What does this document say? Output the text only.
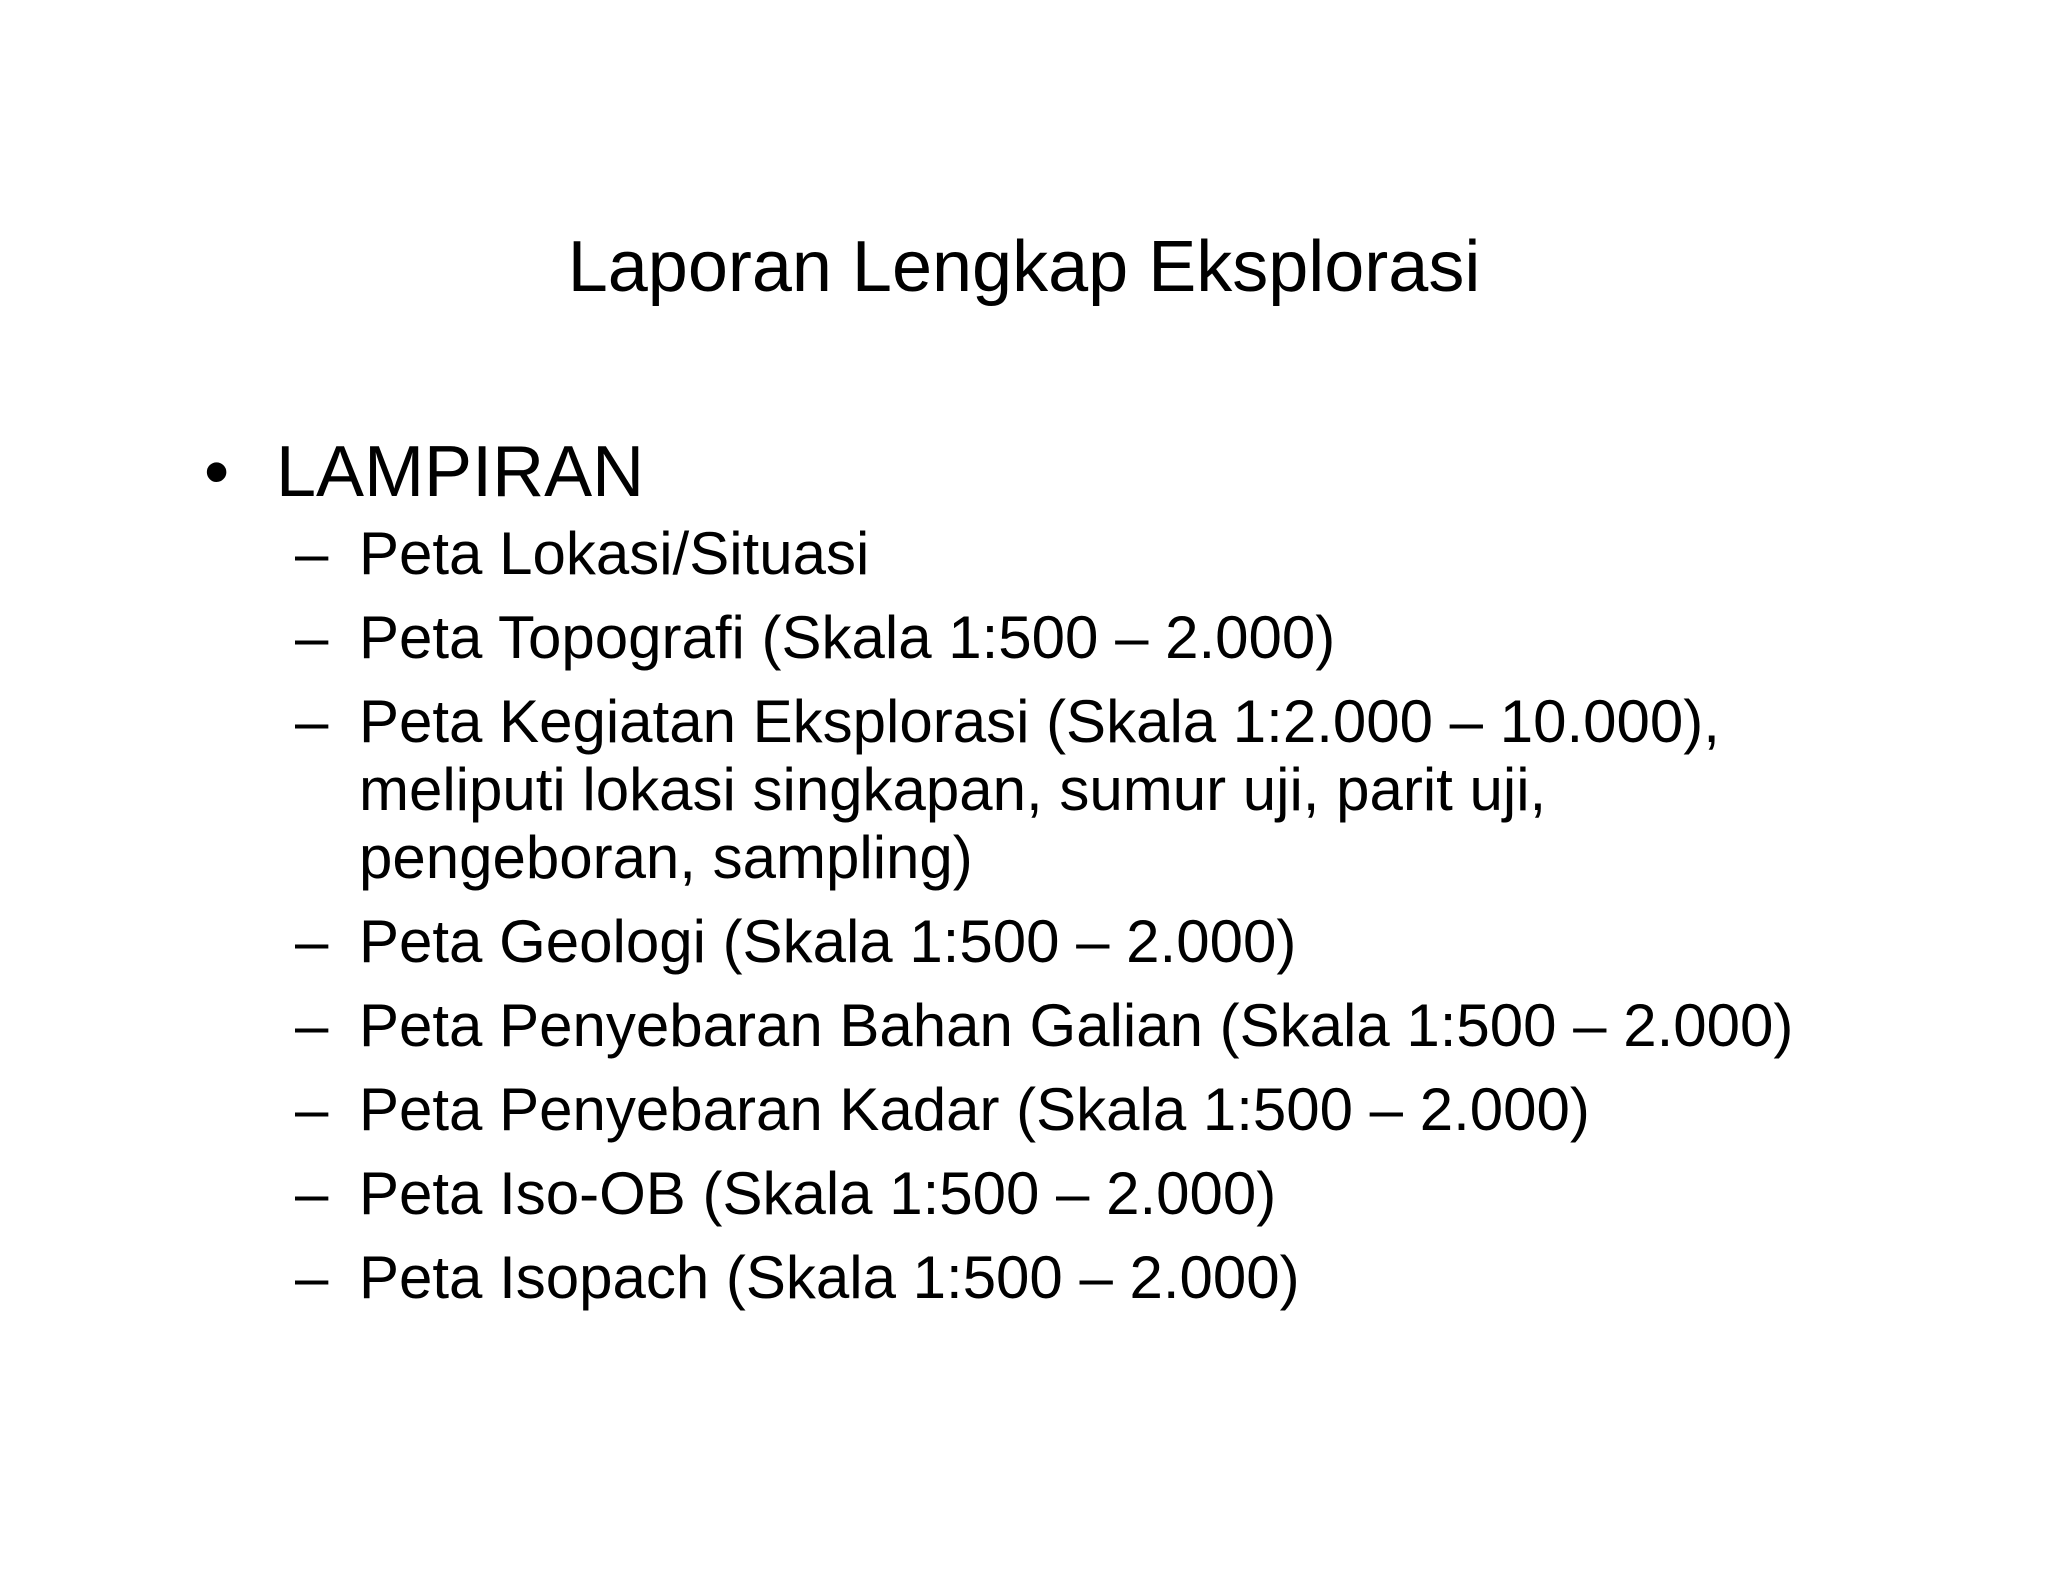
Laporan Lengkap Eksplorasi
• LAMPIRAN
– Peta Lokasi/Situasi
– Peta Topografi (Skala 1:500 – 2.000)
– Peta Kegiatan Eksplorasi (Skala 1:2.000 – 10.000), meliputi lokasi singkapan, sumur uji, parit uji, pengeboran, sampling)
– Peta Geologi (Skala 1:500 – 2.000)
– Peta Penyebaran Bahan Galian (Skala 1:500 – 2.000)
– Peta Penyebaran Kadar (Skala 1:500 – 2.000)
– Peta Iso-OB (Skala 1:500 – 2.000)
– Peta Isopach (Skala 1:500 – 2.000)
